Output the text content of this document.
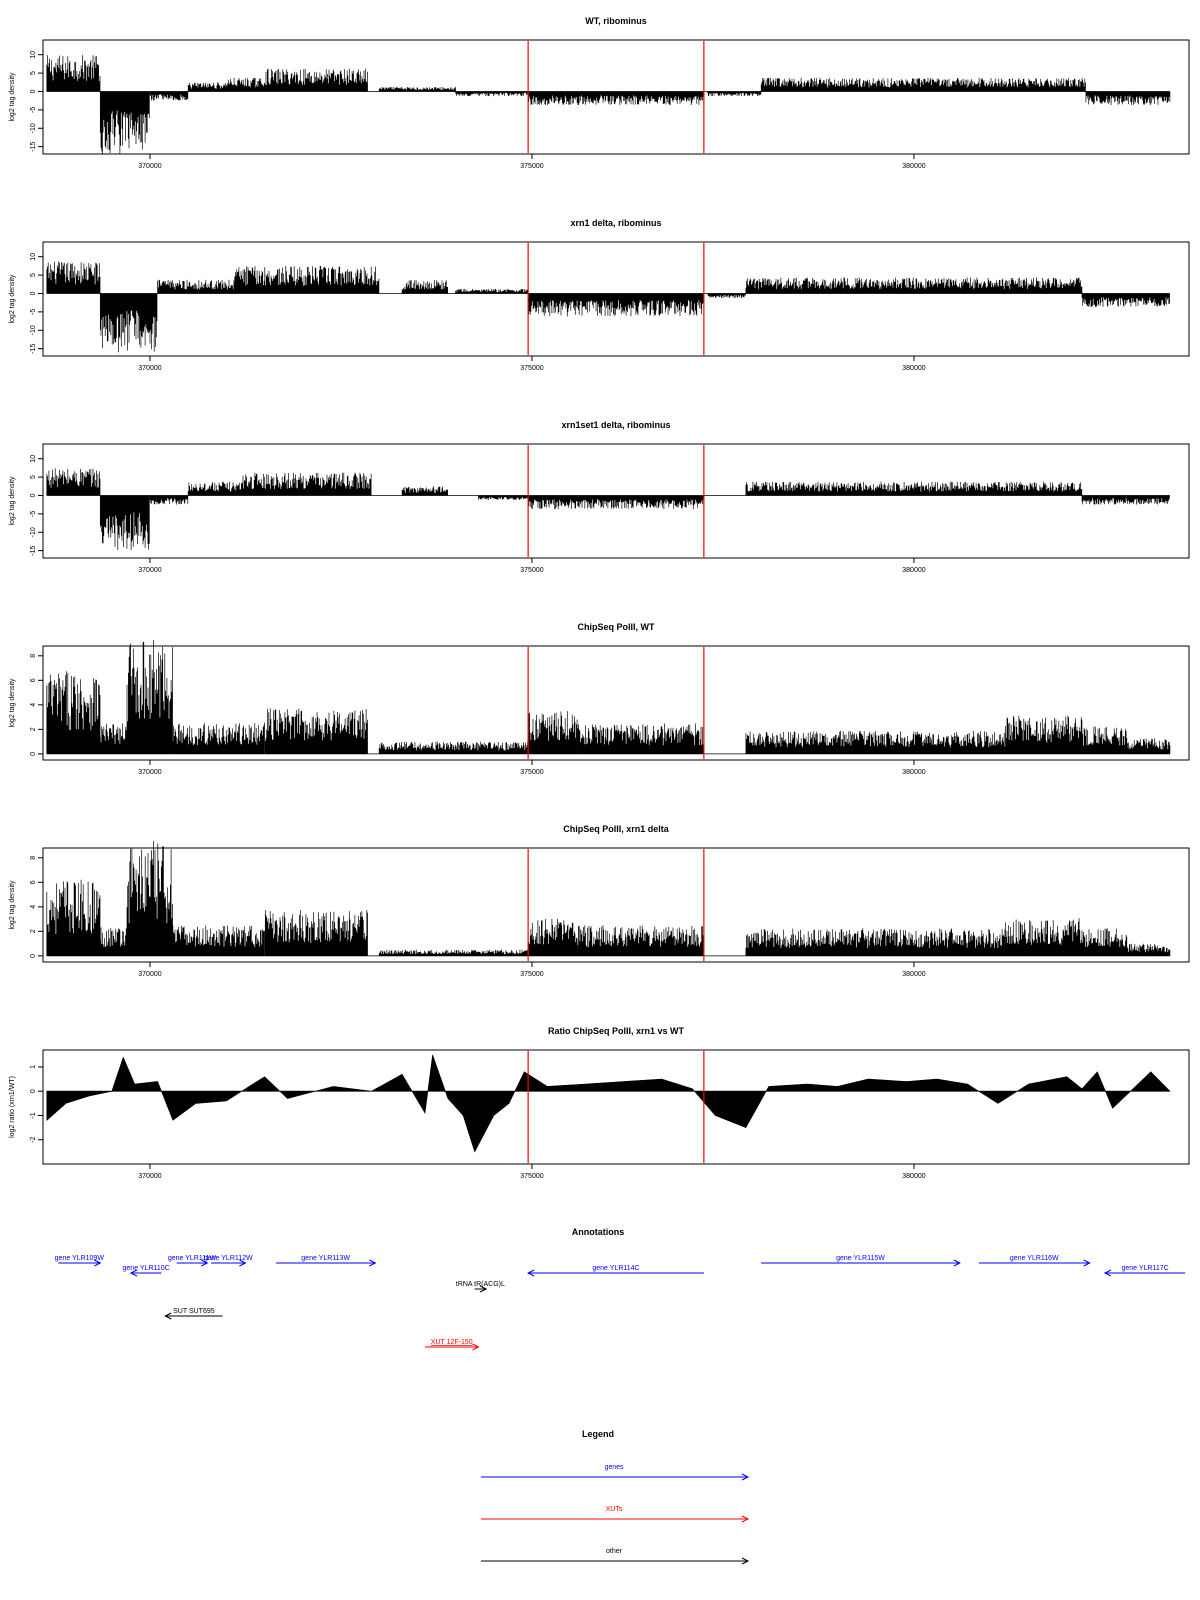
WT, ribominus
370000	375000	380000
10
5
0
-5
-10
-15
log2 tag density
xrn1 delta, ribominus
370000	375000	380000
10
5
0
-5
-10
-15
log2 tag density
xrn1set1 delta, ribominus
370000	375000	380000
10
5
0
-5
-10
-15
log2 tag density
ChipSeq PolII, WT
370000	375000	380000
8
6
4
2
0
log2 tag density
ChipSeq PolII, xrn1 delta
370000	375000	380000
8
6
4
2
0
log2 tag density
Ratio ChipSeq PolII, xrn1 vs WT
370000	375000	380000
1
0
-1
-2
log2 ratio (xrn1/WT)
Annotations
gene YLR109W
gene YLR110C
gene YLR111W
gene YLR112W	gene YLR113W
gene YLR114C
gene YLR115W	gene YLR116W
gene YLR117C
tRNA tR(ACG)L
SUT SUT695
XUT 12F-150
Legend
genes
XUTs
other
